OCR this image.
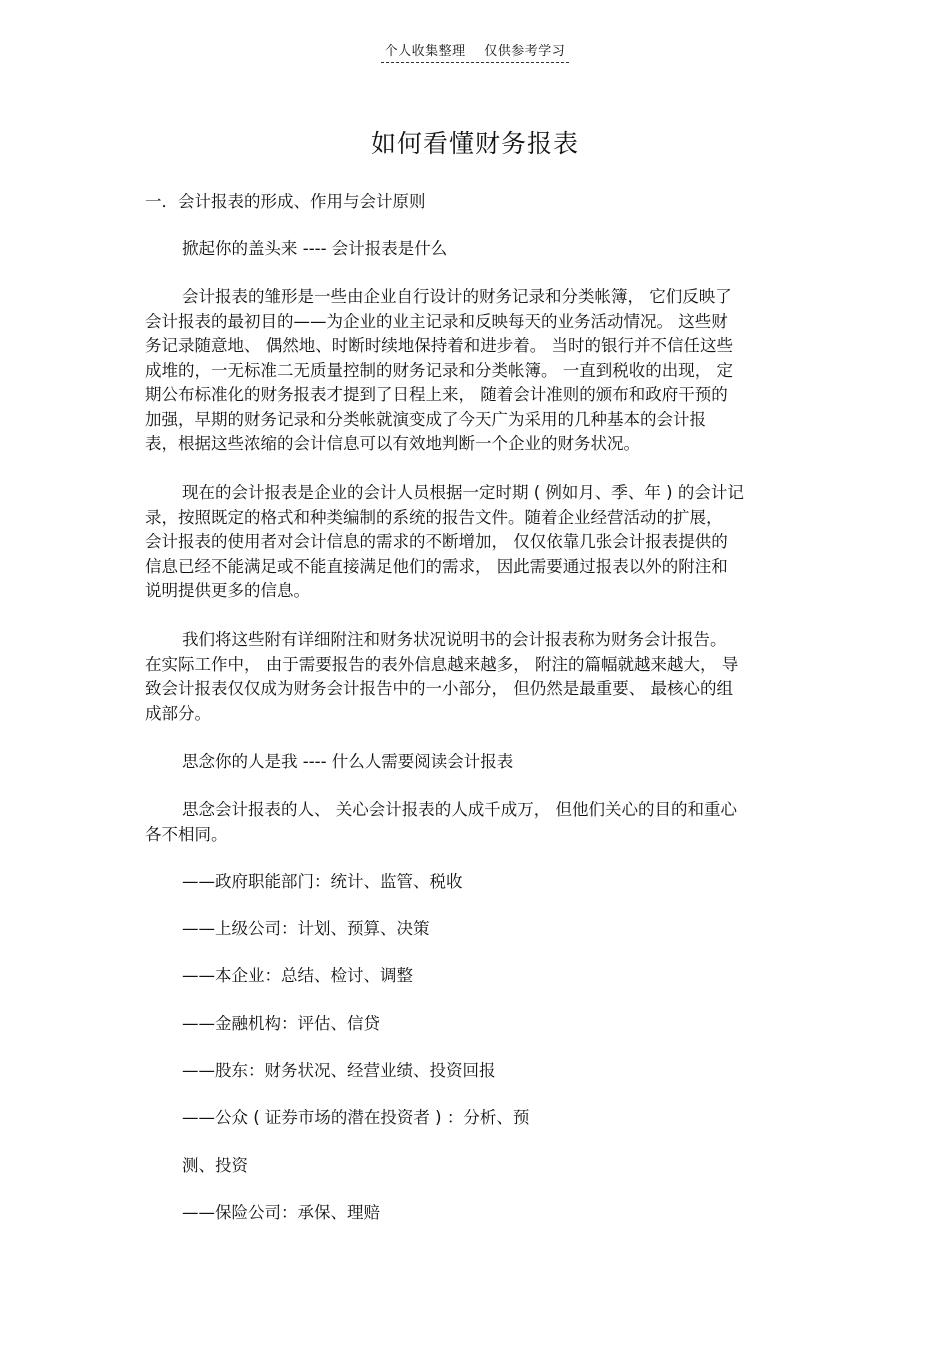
个人收集整理 仅供参考学习
如何看懂财务报表
一．会计报表的形成、作用与会计原则
掀起你的盖头来 ---- 会计报表是什么
会计报表的雏形是一些由企业自行设计的财务记录和分类帐簿， 它们反映了
会计报表的最初目的——为企业的业主记录和反映每天的业务活动情况。 这些财
务记录随意地、 偶然地、时断时续地保持着和进步着。 当时的银行并不信任这些
成堆的，一无标准二无质量控制的财务记录和分类帐簿。 一直到税收的出现， 定
期公布标准化的财务报表才提到了日程上来， 随着会计准则的颁布和政府干预的
加强，早期的财务记录和分类帐就演变成了今天广为采用的几种基本的会计报
表，根据这些浓缩的会计信息可以有效地判断一个企业的财务状况。
现在的会计报表是企业的会计人员根据一定时期 ( 例如月、季、年 ) 的会计记
录，按照既定的格式和种类编制的系统的报告文件。随着企业经营活动的扩展，
会计报表的使用者对会计信息的需求的不断增加， 仅仅依靠几张会计报表提供的
信息已经不能满足或不能直接满足他们的需求， 因此需要通过报表以外的附注和
说明提供更多的信息。
我们将这些附有详细附注和财务状况说明书的会计报表称为财务会计报告。
在实际工作中， 由于需要报告的表外信息越来越多， 附注的篇幅就越来越大， 导
致会计报表仅仅成为财务会计报告中的一小部分， 但仍然是最重要、 最核心的组
成部分。
思念你的人是我 ---- 什么人需要阅读会计报表
思念会计报表的人、 关心会计报表的人成千成万， 但他们关心的目的和重心
各不相同。
——政府职能部门：统计、监管、税收
——上级公司：计划、预算、决策
——本企业：总结、检讨、调整
——金融机构：评估、信贷
——股东：财务状况、经营业绩、投资回报
——公众 ( 证券市场的潜在投资者 ) ：分析、预
测、投资
——保险公司：承保、理赔
